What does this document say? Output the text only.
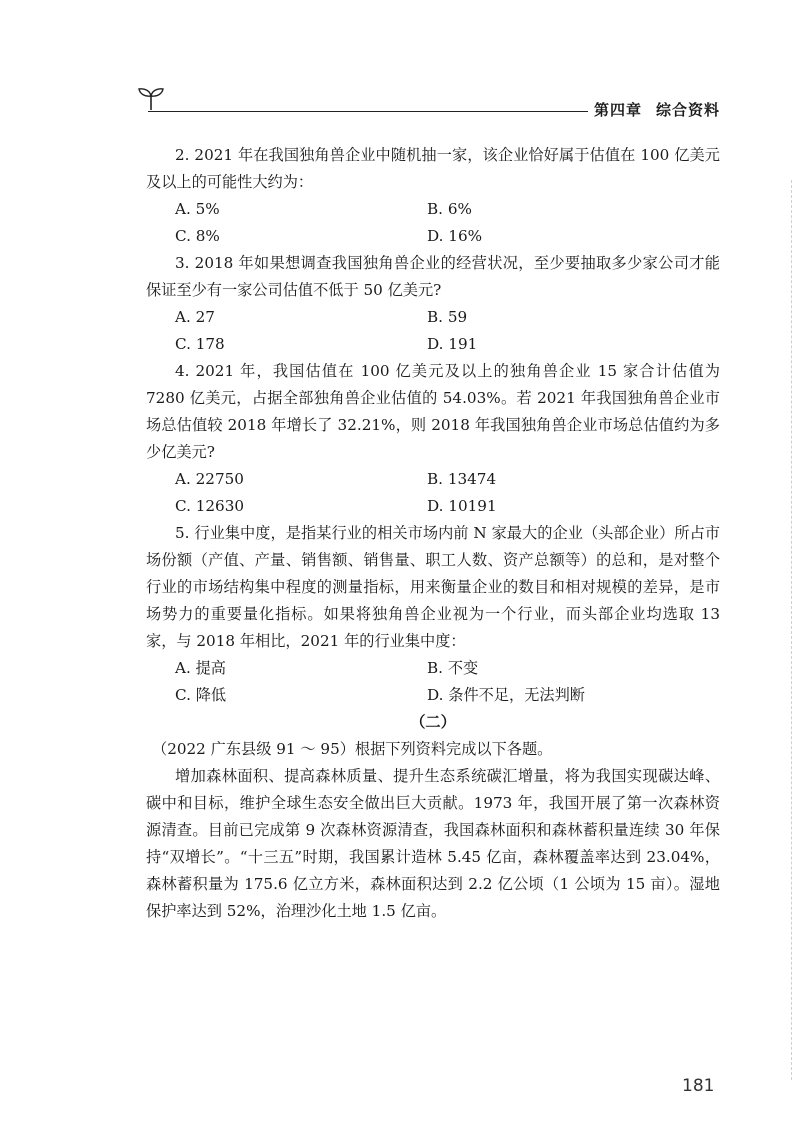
第四章 综合资料

2. 2021 年在我国独角兽企业中随机抽一家，该企业恰好属于估值在 100 亿美元及以上的可能性大约为：

A. 5%	B. 6%
C. 8%	D. 16%

3. 2018 年如果想调查我国独角兽企业的经营状况，至少要抽取多少家公司才能保证至少有一家公司估值不低于 50 亿美元?

A. 27	B. 59
C. 178	D. 191

4. 2021 年，我国估值在 100 亿美元及以上的独角兽企业 15 家合计估值为 7280 亿美元，占据全部独角兽企业估值的 54.03%。若 2021 年我国独角兽企业市场总估值较 2018 年增长了 32.21%，则 2018 年我国独角兽企业市场总估值约为多少亿美元?

A. 22750	B. 13474
C. 12630	D. 10191

5. 行业集中度，是指某行业的相关市场内前 N 家最大的企业（头部企业）所占市场份额（产值、产量、销售额、销售量、职工人数、资产总额等）的总和，是对整个行业的市场结构集中程度的测量指标，用来衡量企业的数目和相对规模的差异，是市场势力的重要量化指标。如果将独角兽企业视为一个行业，而头部企业均选取 13 家，与 2018 年相比，2021 年的行业集中度：

A. 提高	B. 不变
C. 降低	D. 条件不足，无法判断

（二）

（2022 广东县级 91 ～ 95）根据下列资料完成以下各题。

增加森林面积、提高森林质量、提升生态系统碳汇增量，将为我国实现碳达峰、碳中和目标，维护全球生态安全做出巨大贡献。1973 年，我国开展了第一次森林资源清查。目前已完成第 9 次森林资源清查，我国森林面积和森林蓄积量连续 30 年保持“双增长”。“十三五”时期，我国累计造林 5.45 亿亩，森林覆盖率达到 23.04%，森林蓄积量为 175.6 亿立方米，森林面积达到 2.2 亿公顷（1 公顷为 15 亩）。湿地保护率达到 52%，治理沙化土地 1.5 亿亩。

181
